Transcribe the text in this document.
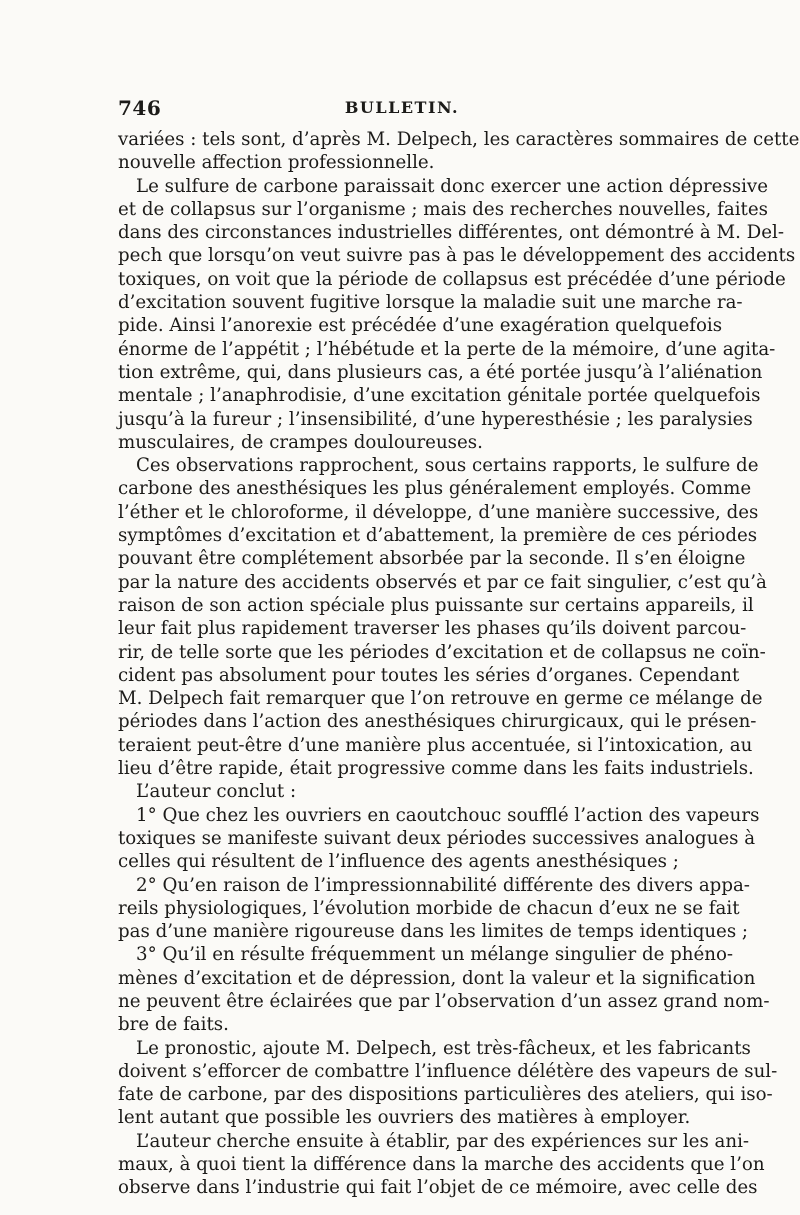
746	BULLETIN.
variées : tels sont, d’après M. Delpech, les caractères sommaires de cette
nouvelle affection professionnelle.
Le sulfure de carbone paraissait donc exercer une action dépressive
et de collapsus sur l’organisme ; mais des recherches nouvelles, faites
dans des circonstances industrielles différentes, ont démontré à M. Del-
pech que lorsqu’on veut suivre pas à pas le développement des accidents
toxiques, on voit que la période de collapsus est précédée d’une période
d’excitation souvent fugitive lorsque la maladie suit une marche ra-
pide. Ainsi l’anorexie est précédée d’une exagération quelquefois
énorme de l’appétit ; l’hébétude et la perte de la mémoire, d’une agita-
tion extrême, qui, dans plusieurs cas, a été portée jusqu’à l’aliénation
mentale ; l’anaphrodisie, d’une excitation génitale portée quelquefois
jusqu’à la fureur ; l’insensibilité, d’une hyperesthésie ; les paralysies
musculaires, de crampes douloureuses.
Ces observations rapprochent, sous certains rapports, le sulfure de
carbone des anesthésiques les plus généralement employés. Comme
l’éther et le chloroforme, il développe, d’une manière successive, des
symptômes d’excitation et d’abattement, la première de ces périodes
pouvant être complétement absorbée par la seconde. Il s’en éloigne
par la nature des accidents observés et par ce fait singulier, c’est qu’à
raison de son action spéciale plus puissante sur certains appareils, il
leur fait plus rapidement traverser les phases qu’ils doivent parcou-
rir, de telle sorte que les périodes d’excitation et de collapsus ne coïn-
cident pas absolument pour toutes les séries d’organes. Cependant
M. Delpech fait remarquer que l’on retrouve en germe ce mélange de
périodes dans l’action des anesthésiques chirurgicaux, qui le présen-
teraient peut-être d’une manière plus accentuée, si l’intoxication, au
lieu d’être rapide, était progressive comme dans les faits industriels.
L’auteur conclut :
1° Que chez les ouvriers en caoutchouc soufflé l’action des vapeurs
toxiques se manifeste suivant deux périodes successives analogues à
celles qui résultent de l’influence des agents anesthésiques ;
2° Qu’en raison de l’impressionnabilité différente des divers appa-
reils physiologiques, l’évolution morbide de chacun d’eux ne se fait
pas d’une manière rigoureuse dans les limites de temps identiques ;
3° Qu’il en résulte fréquemment un mélange singulier de phéno-
mènes d’excitation et de dépression, dont la valeur et la signification
ne peuvent être éclairées que par l’observation d’un assez grand nom-
bre de faits.
Le pronostic, ajoute M. Delpech, est très-fâcheux, et les fabricants
doivent s’efforcer de combattre l’influence délétère des vapeurs de sul-
fate de carbone, par des dispositions particulières des ateliers, qui iso-
lent autant que possible les ouvriers des matières à employer.
L’auteur cherche ensuite à établir, par des expériences sur les ani-
maux, à quoi tient la différence dans la marche des accidents que l’on
observe dans l’industrie qui fait l’objet de ce mémoire, avec celle des
